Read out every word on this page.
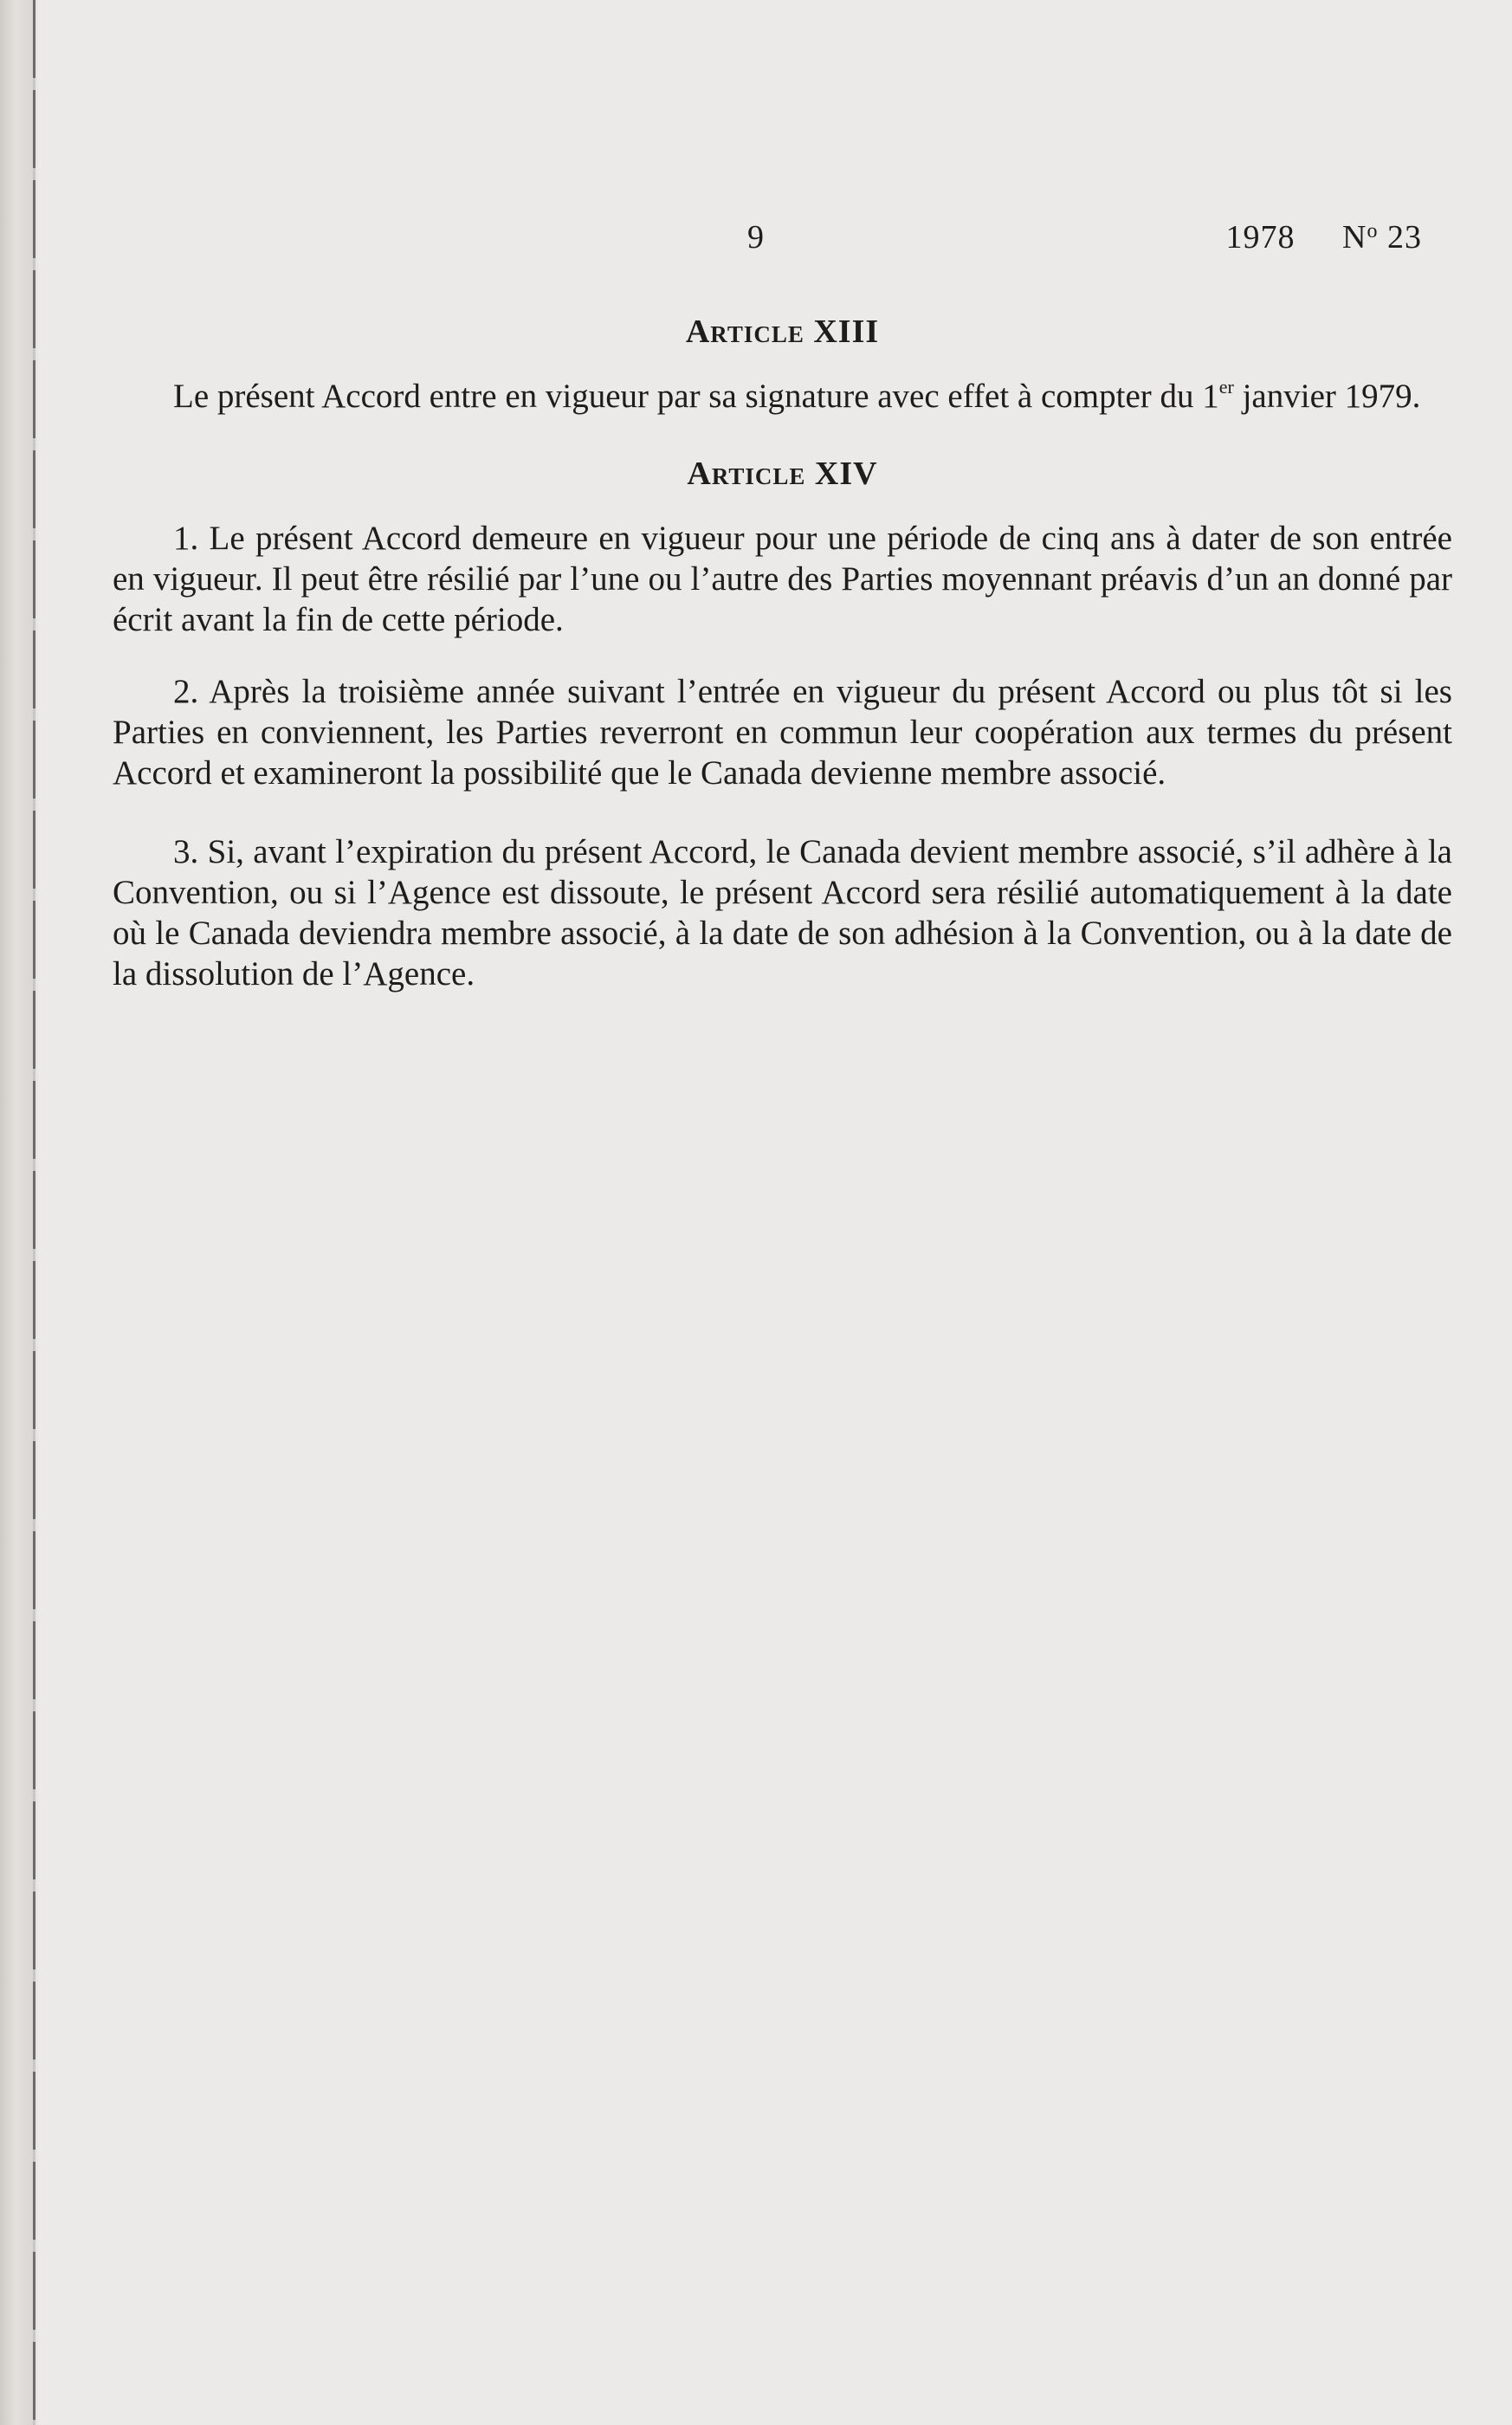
9	1978 $N^o$ 23
Article XIII

Le présent Accord entre en vigueur par sa signature avec effet à compter du 1er janvier 1979.

Article XIV

1. Le présent Accord demeure en vigueur pour une période de cinq ans à dater de son entrée en vigueur. Il peut être résilié par l’une ou l’autre des Parties moyennant préavis d’un an donné par écrit avant la fin de cette période.

2. Après la troisième année suivant l’entrée en vigueur du présent Accord ou plus tôt si les Parties en conviennent, les Parties reverront en commun leur coopération aux termes du présent Accord et examineront la possibilité que le Canada devienne membre associé.

3. Si, avant l’expiration du présent Accord, le Canada devient membre associé, s’il adhère à la Convention, ou si l’Agence est dissoute, le présent Accord sera résilié automatiquement à la date où le Canada deviendra membre associé, à la date de son adhésion à la Convention, ou à la date de la dissolution de l’Agence.
